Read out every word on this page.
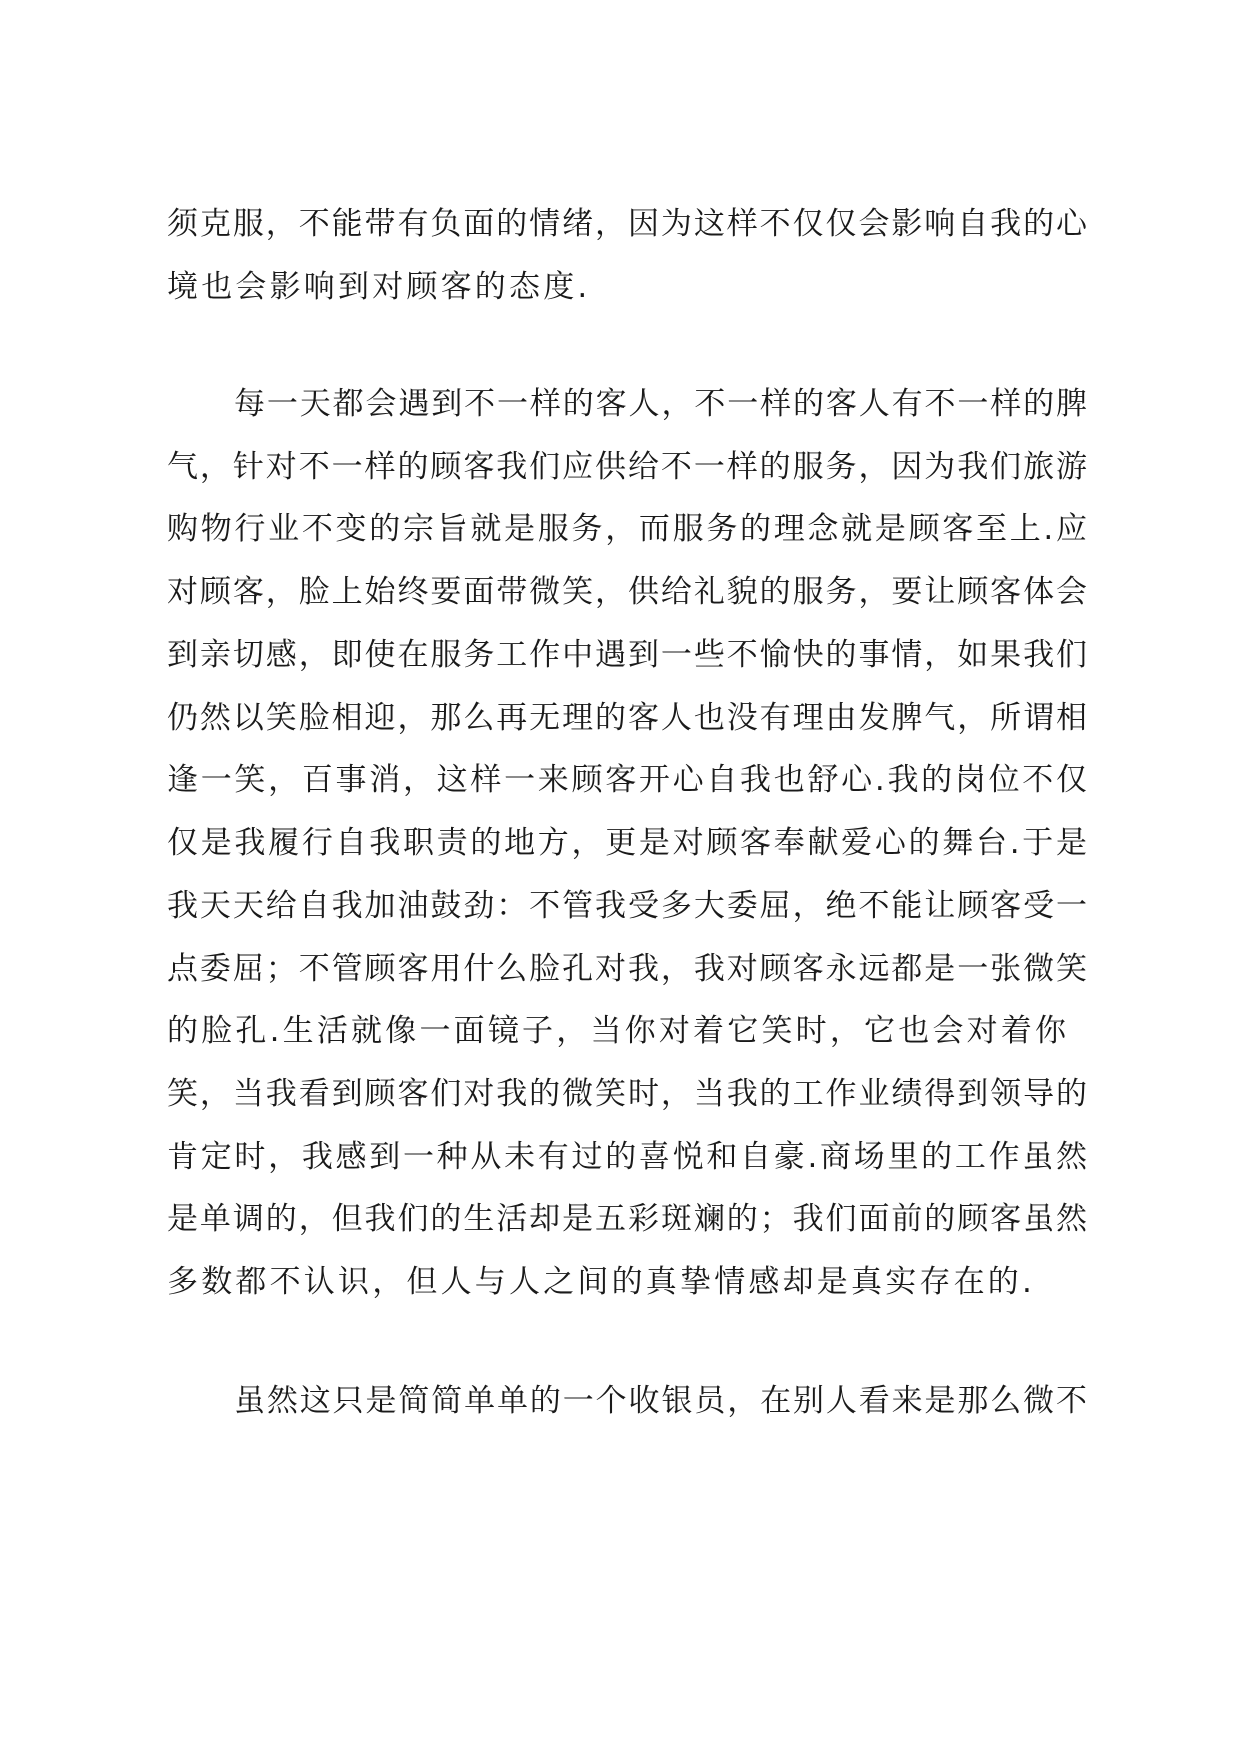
须克服，不能带有负面的情绪，因为这样不仅仅会影响自我的心
境也会影响到对顾客的态度.
每一天都会遇到不一样的客人，不一样的客人有不一样的脾
气，针对不一样的顾客我们应供给不一样的服务，因为我们旅游
购物行业不变的宗旨就是服务，而服务的理念就是顾客至上.应
对顾客，脸上始终要面带微笑，供给礼貌的服务，要让顾客体会
到亲切感，即使在服务工作中遇到一些不愉快的事情，如果我们
仍然以笑脸相迎，那么再无理的客人也没有理由发脾气，所谓相
逢一笑，百事消，这样一来顾客开心自我也舒心.我的岗位不仅
仅是我履行自我职责的地方，更是对顾客奉献爱心的舞台.于是
我天天给自我加油鼓劲：不管我受多大委屈，绝不能让顾客受一
点委屈；不管顾客用什么脸孔对我，我对顾客永远都是一张微笑
的脸孔.生活就像一面镜子，当你对着它笑时，它也会对着你
笑，当我看到顾客们对我的微笑时，当我的工作业绩得到领导的
肯定时，我感到一种从未有过的喜悦和自豪.商场里的工作虽然
是单调的，但我们的生活却是五彩斑斓的；我们面前的顾客虽然
多数都不认识，但人与人之间的真挚情感却是真实存在的.
虽然这只是简简单单的一个收银员，在别人看来是那么微不
